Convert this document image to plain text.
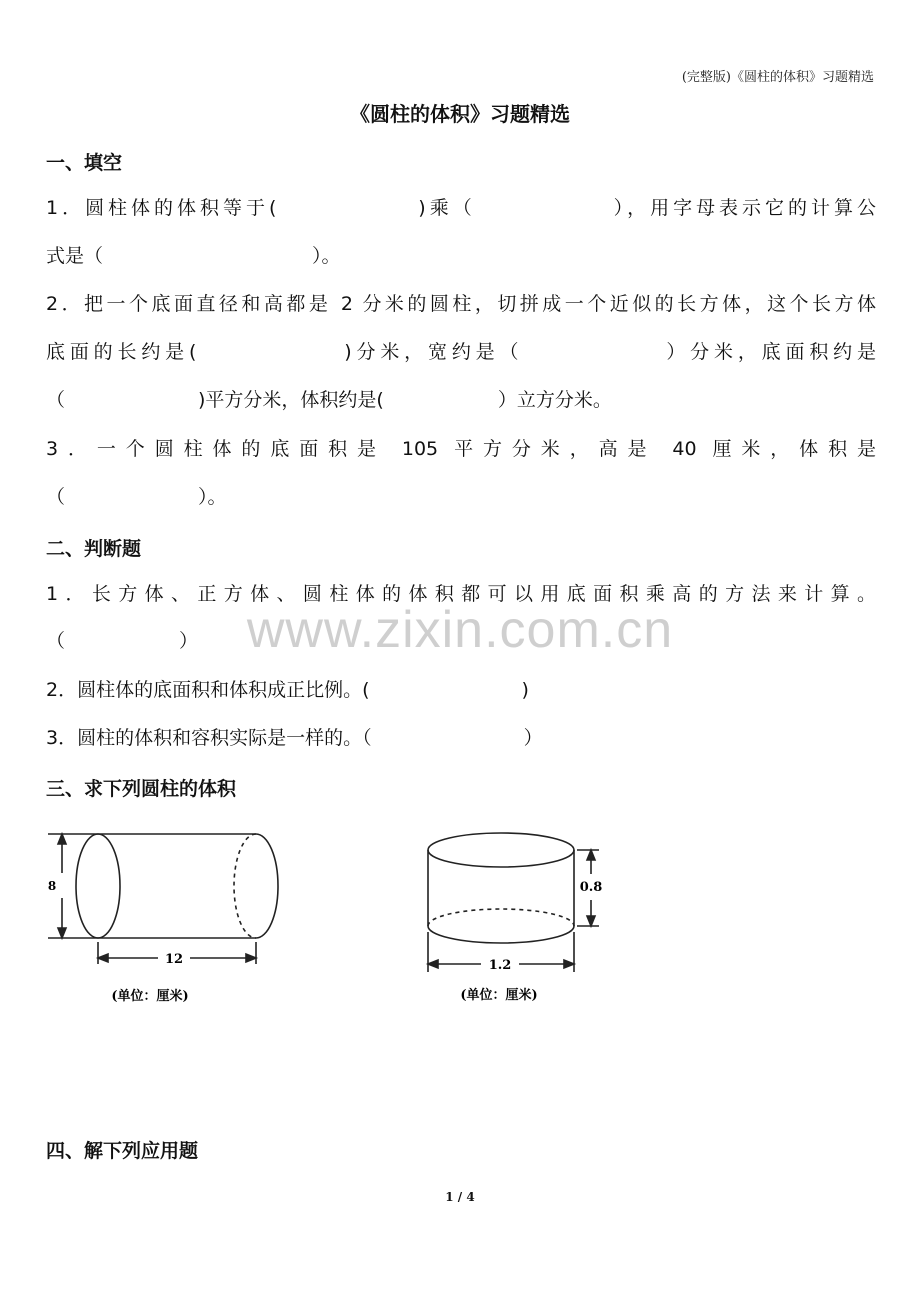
(完整版)《圆柱的体积》习题精选
《圆柱的体积》习题精选
一、填空
1．圆柱体的体积等于(　　　　　　)乘（　　　　　　），用字母表示它的计算公
式是（　　　　　　　　　　　）。
2．把一个底面直径和高都是 2 分米的圆柱，切拼成一个近似的长方体，这个长方体
底面的长约是(　　　　　　)分米，宽约是（　　　　　　）分米，底面积约是
（　　　　　　　)平方分米，体积约是(　　　　　　）立方分米。
3．一个圆柱体的底面积是 105 平方分米，高是 40 厘米，体积是
（　　　　　　　）。
二、判断题
1．长方体、正方体、圆柱体的体积都可以用底面积乘高的方法来计算。
（　　　　　　）
2．圆柱体的底面积和体积成正比例。(　　　　　　　　)
3．圆柱的体积和容积实际是一样的。（　　　　　　　　）
三、求下列圆柱的体积
8
12
(单位：厘米)
0.8
1.2
(单位：厘米)
四、解下列应用题
www.zixin.com.cn
1 / 4
